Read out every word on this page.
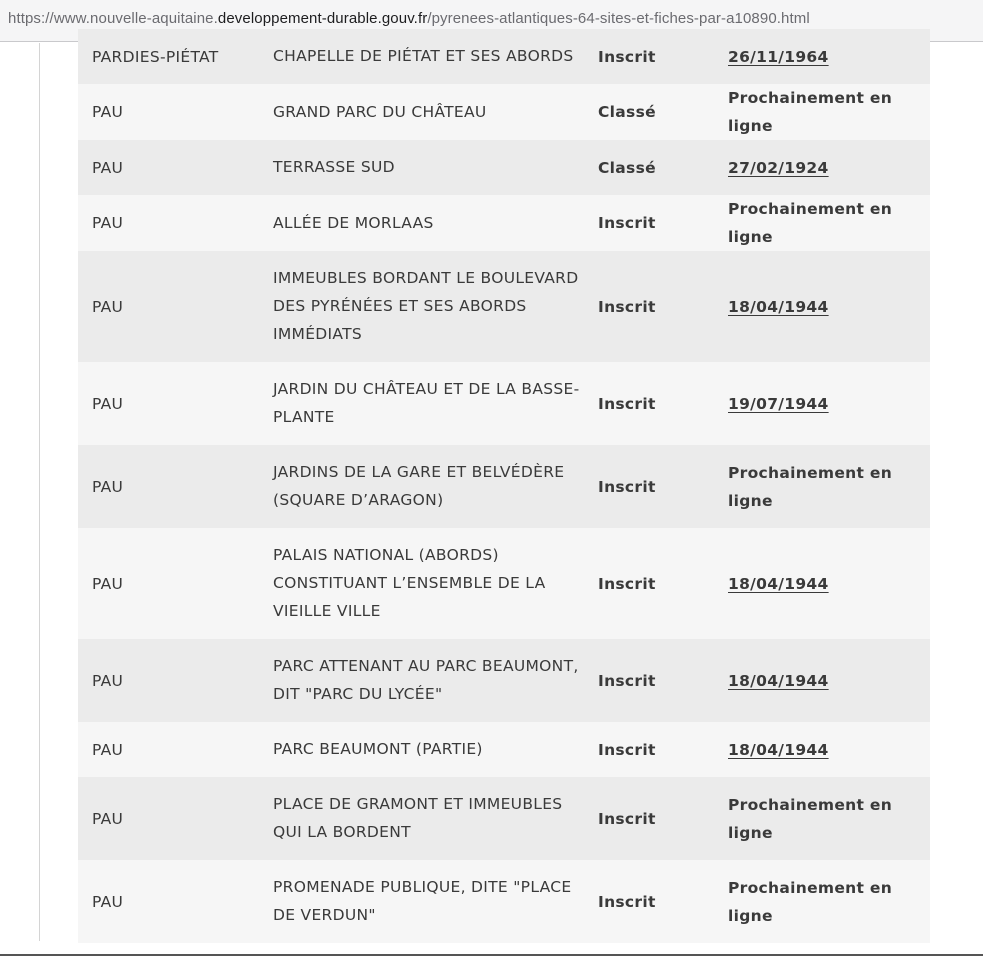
https://www.nouvelle-aquitaine.developpement-durable.gouv.fr/pyrenees-atlantiques-64-sites-et-fiches-par-a10890.html
PARDIES-PIÉTAT	CHAPELLE DE PIÉTAT ET SES ABORDS	Inscrit	26/11/1964
PAU	GRAND PARC DU CHÂTEAU	Classé	Prochainement en ligne
PAU	TERRASSE SUD	Classé	27/02/1924
PAU	ALLÉE DE MORLAAS	Inscrit	Prochainement en ligne
PAU	IMMEUBLES BORDANT LE BOULEVARD DES PYRÉNÉES ET SES ABORDS IMMÉDIATS	Inscrit	18/04/1944
PAU	JARDIN DU CHÂTEAU ET DE LA BASSE-PLANTE	Inscrit	19/07/1944
PAU	JARDINS DE LA GARE ET BELVÉDÈRE (SQUARE D’ARAGON)	Inscrit	Prochainement en ligne
PAU	PALAIS NATIONAL (ABORDS) CONSTITUANT L’ENSEMBLE DE LA VIEILLE VILLE	Inscrit	18/04/1944
PAU	PARC ATTENANT AU PARC BEAUMONT, DIT "PARC DU LYCÉE"	Inscrit	18/04/1944
PAU	PARC BEAUMONT (PARTIE)	Inscrit	18/04/1944
PAU	PLACE DE GRAMONT ET IMMEUBLES QUI LA BORDENT	Inscrit	Prochainement en ligne
PAU	PROMENADE PUBLIQUE, DITE "PLACE DE VERDUN"	Inscrit	Prochainement en ligne
